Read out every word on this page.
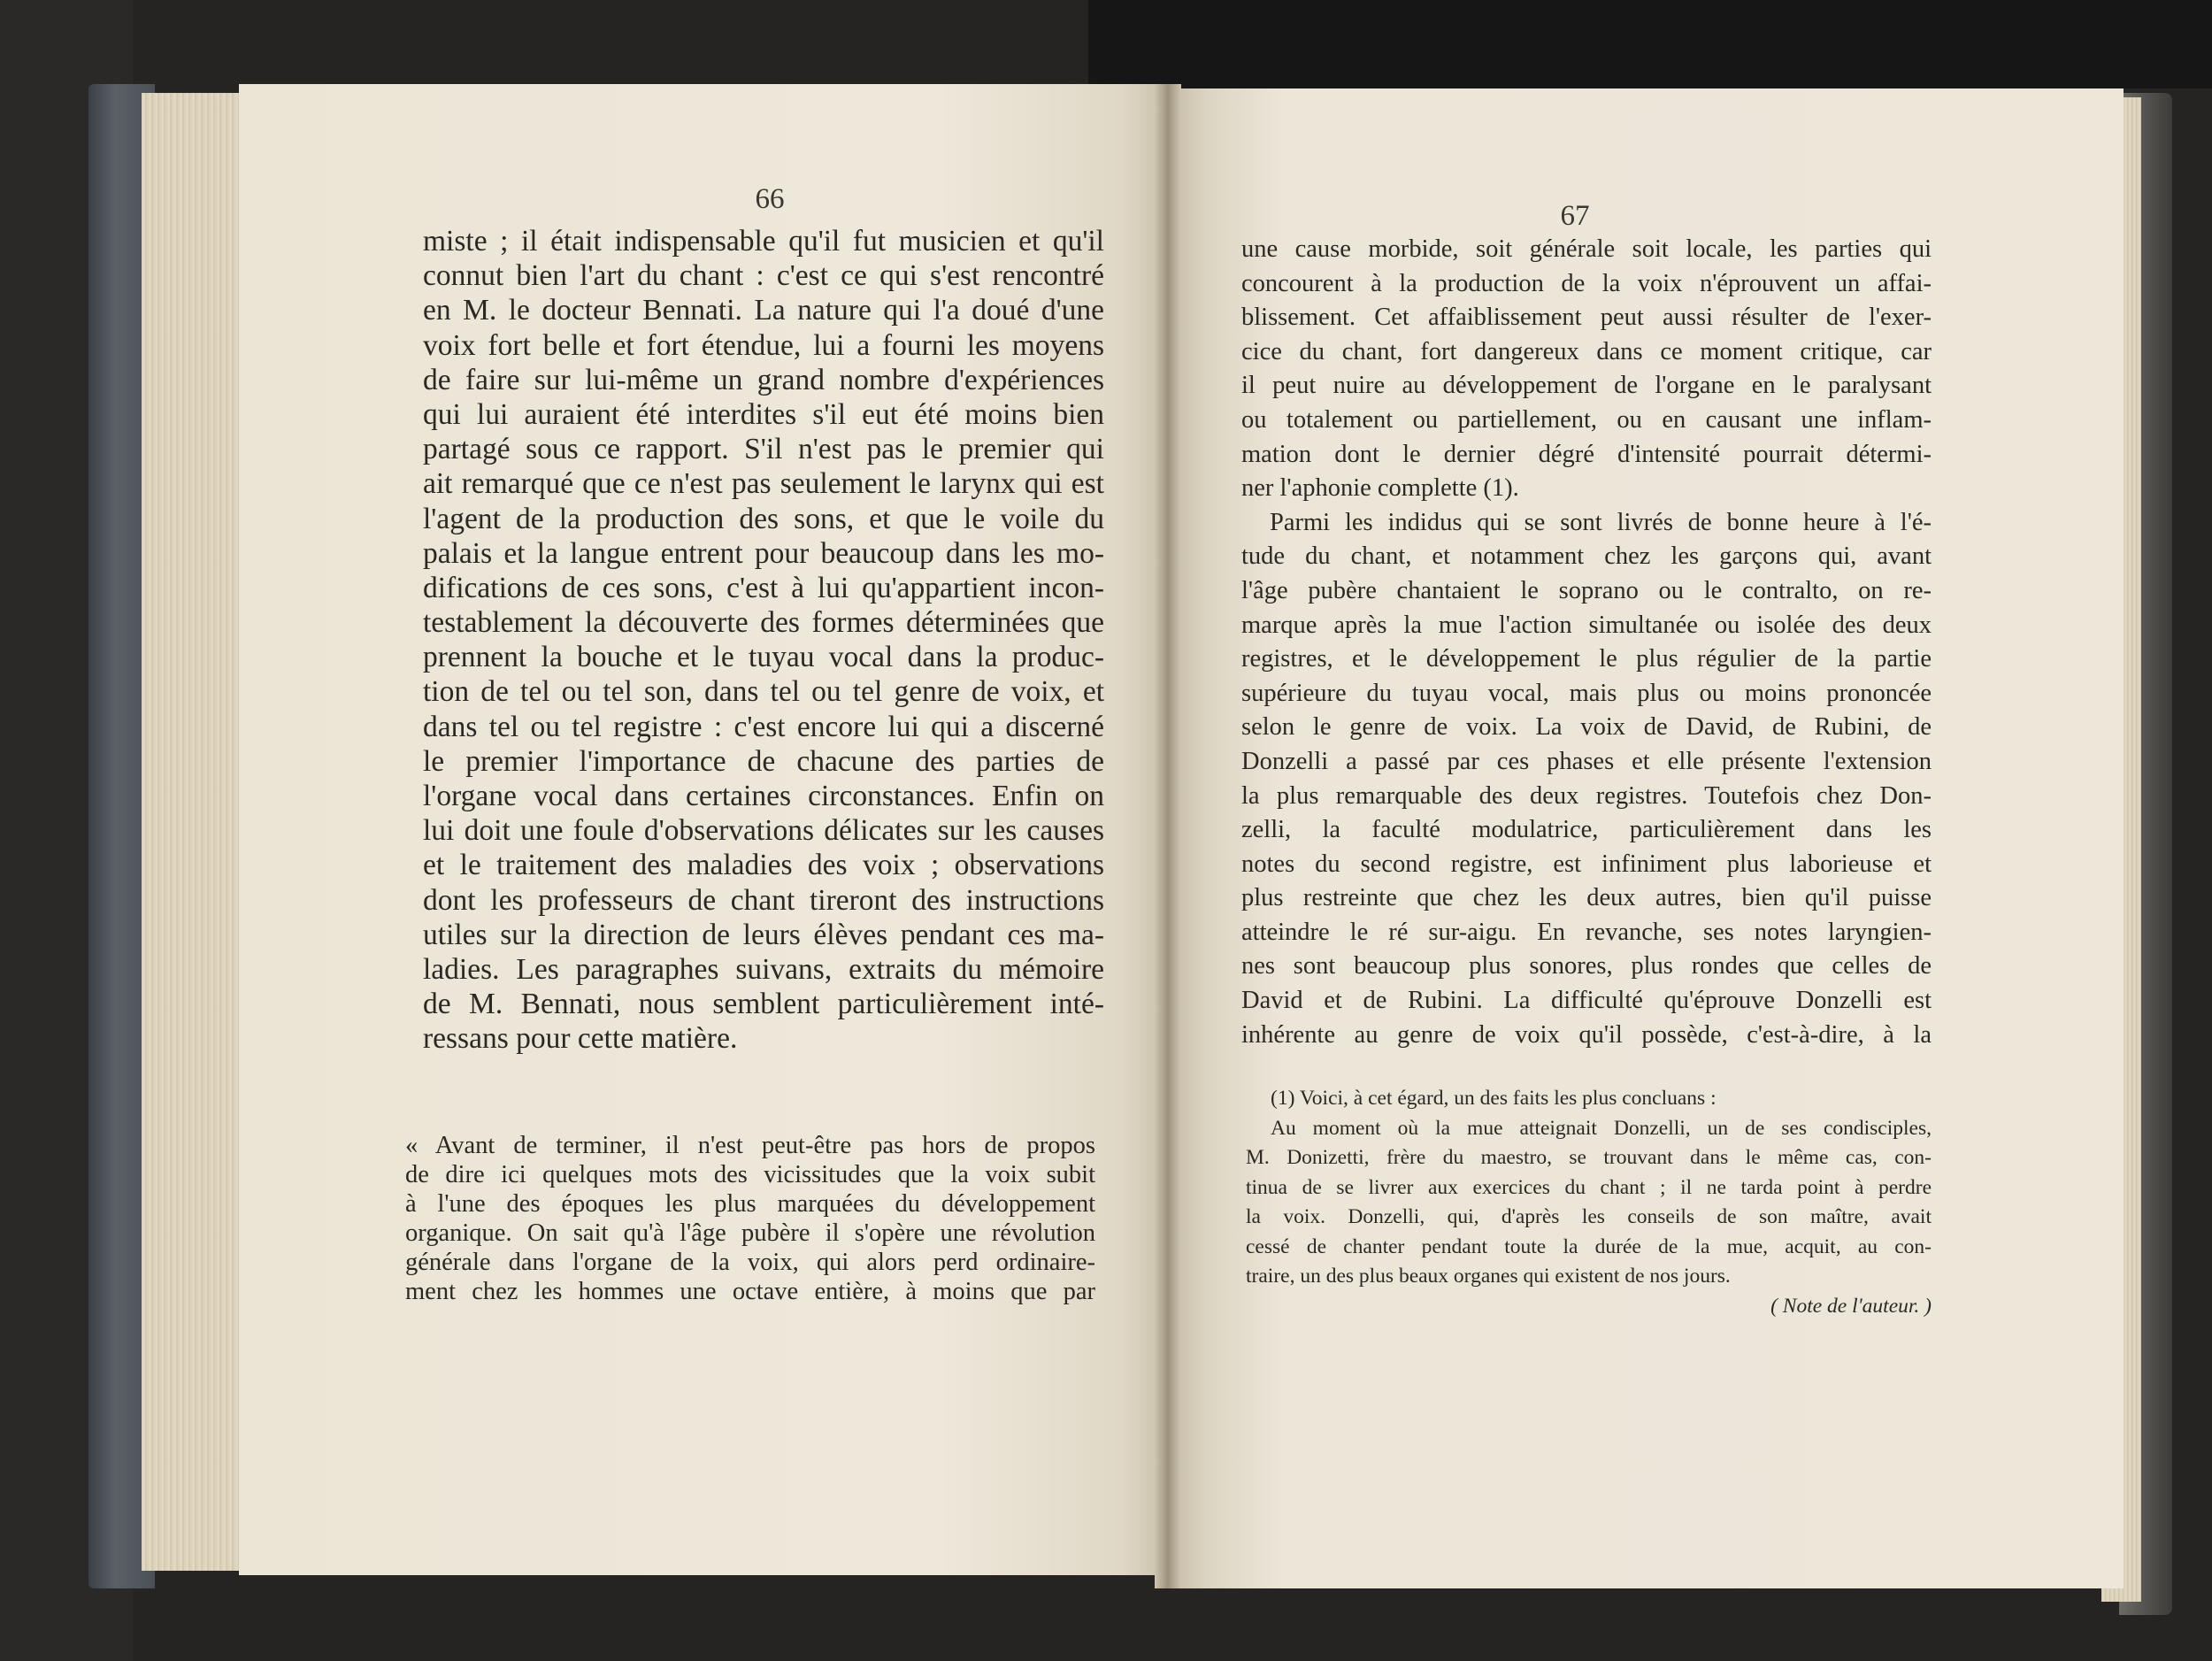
66
67
miste ; il était indispensable qu'il fut musicien et qu'il
connut bien l'art du chant : c'est ce qui s'est rencontré
en M. le docteur Bennati. La nature qui l'a doué d'une
voix fort belle et fort étendue, lui a fourni les moyens
de faire sur lui-même un grand nombre d'expériences
qui lui auraient été interdites s'il eut été moins bien
partagé sous ce rapport. S'il n'est pas le premier qui
ait remarqué que ce n'est pas seulement le larynx qui est
l'agent de la production des sons, et que le voile du
palais et la langue entrent pour beaucoup dans les mo-
difications de ces sons, c'est à lui qu'appartient incon-
testablement la découverte des formes déterminées que
prennent la bouche et le tuyau vocal dans la produc-
tion de tel ou tel son, dans tel ou tel genre de voix, et
dans tel ou tel registre : c'est encore lui qui a discerné
le premier l'importance de chacune des parties de
l'organe vocal dans certaines circonstances. Enfin on
lui doit une foule d'observations délicates sur les causes
et le traitement des maladies des voix ; observations
dont les professeurs de chant tireront des instructions
utiles sur la direction de leurs élèves pendant ces ma-
ladies. Les paragraphes suivans, extraits du mémoire
de M. Bennati, nous semblent particulièrement inté-
ressans pour cette matière.
« Avant de terminer, il n'est peut-être pas hors de propos
de dire ici quelques mots des vicissitudes que la voix subit
à l'une des époques les plus marquées du développement
organique. On sait qu'à l'âge pubère il s'opère une révolution
générale dans l'organe de la voix, qui alors perd ordinaire-
ment chez les hommes une octave entière, à moins que par
une cause morbide, soit générale soit locale, les parties qui
concourent à la production de la voix n'éprouvent un affai-
blissement. Cet affaiblissement peut aussi résulter de l'exer-
cice du chant, fort dangereux dans ce moment critique, car
il peut nuire au développement de l'organe en le paralysant
ou totalement ou partiellement, ou en causant une inflam-
mation dont le dernier dégré d'intensité pourrait détermi-
ner l'aphonie complette (1).
Parmi les indidus qui se sont livrés de bonne heure à l'é-
tude du chant, et notamment chez les garçons qui, avant
l'âge pubère chantaient le soprano ou le contralto, on re-
marque après la mue l'action simultanée ou isolée des deux
registres, et le développement le plus régulier de la partie
supérieure du tuyau vocal, mais plus ou moins prononcée
selon le genre de voix. La voix de David, de Rubini, de
Donzelli a passé par ces phases et elle présente l'extension
la plus remarquable des deux registres. Toutefois chez Don-
zelli, la faculté modulatrice, particulièrement dans les
notes du second registre, est infiniment plus laborieuse et
plus restreinte que chez les deux autres, bien qu'il puisse
atteindre le ré sur-aigu. En revanche, ses notes laryngien-
nes sont beaucoup plus sonores, plus rondes que celles de
David et de Rubini. La difficulté qu'éprouve Donzelli est
inhérente au genre de voix qu'il possède, c'est-à-dire, à la
(1) Voici, à cet égard, un des faits les plus concluans :
Au moment où la mue atteignait Donzelli, un de ses condisciples,
M. Donizetti, frère du maestro, se trouvant dans le même cas, con-
tinua de se livrer aux exercices du chant ; il ne tarda point à perdre
la voix. Donzelli, qui, d'après les conseils de son maître, avait
cessé de chanter pendant toute la durée de la mue, acquit, au con-
traire, un des plus beaux organes qui existent de nos jours.
( Note de l'auteur. )
